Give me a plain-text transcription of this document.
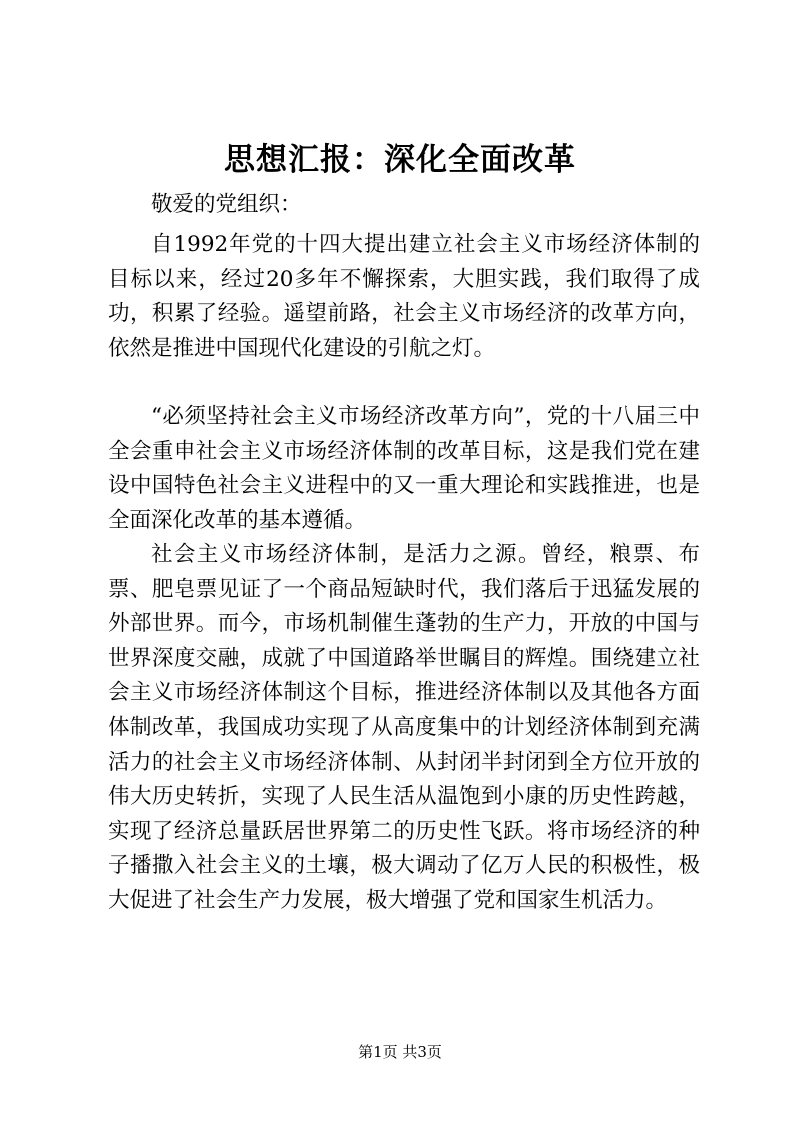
思想汇报：深化全面改革
敬爱的党组织：

自1992年党的十四大提出建立社会主义市场经济体制的目标以来，经过20多年不懈探索，大胆实践，我们取得了成功，积累了经验。遥望前路，社会主义市场经济的改革方向，依然是推进中国现代化建设的引航之灯。

“必须坚持社会主义市场经济改革方向”，党的十八届三中全会重申社会主义市场经济体制的改革目标，这是我们党在建设中国特色社会主义进程中的又一重大理论和实践推进，也是全面深化改革的基本遵循。

社会主义市场经济体制，是活力之源。曾经，粮票、布票、肥皂票见证了一个商品短缺时代，我们落后于迅猛发展的外部世界。而今，市场机制催生蓬勃的生产力，开放的中国与世界深度交融，成就了中国道路举世瞩目的辉煌。围绕建立社会主义市场经济体制这个目标，推进经济体制以及其他各方面体制改革，我国成功实现了从高度集中的计划经济体制到充满活力的社会主义市场经济体制、从封闭半封闭到全方位开放的伟大历史转折，实现了人民生活从温饱到小康的历史性跨越，实现了经济总量跃居世界第二的历史性飞跃。将市场经济的种子播撒入社会主义的土壤，极大调动了亿万人民的积极性，极大促进了社会生产力发展，极大增强了党和国家生机活力。

第1页 共3页
